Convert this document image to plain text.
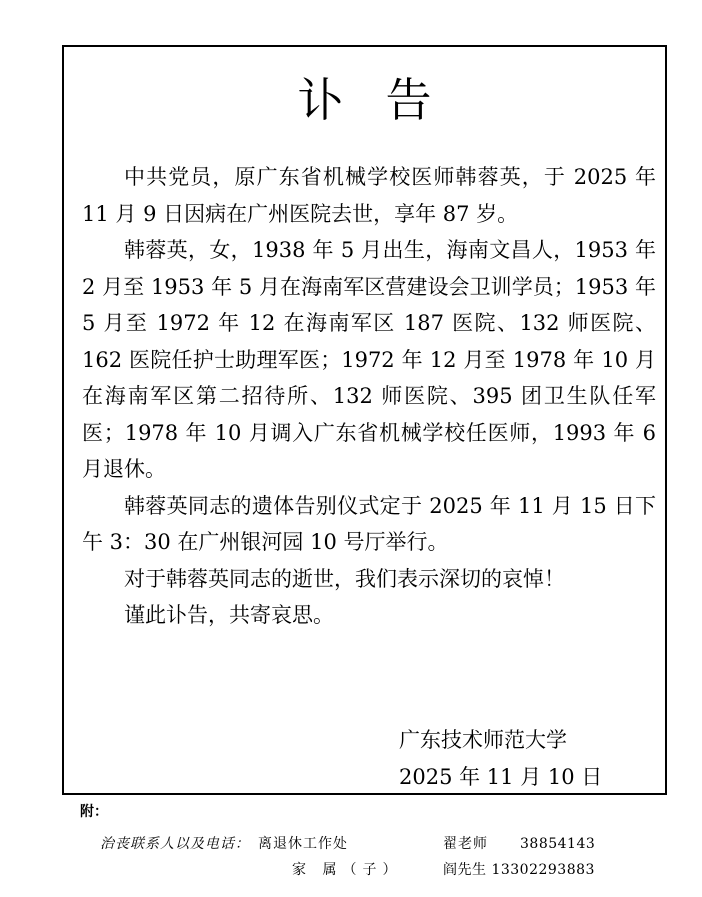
讣告

中共党员，原广东省机械学校医师韩蓉英，于 2025 年 11 月 9 日因病在广州医院去世，享年 87 岁。

韩蓉英，女，1938 年 5 月出生，海南文昌人，1953 年 2 月至 1953 年 5 月在海南军区营建设会卫训学员；1953 年 5 月至 1972 年 12 在海南军区 187 医院、132 师医院、162 医院任护士助理军医；1972 年 12 月至 1978 年 10 月在海南军区第二招待所、132 师医院、395 团卫生队任军医；1978 年 10 月调入广东省机械学校任医师，1993 年 6 月退休。

韩蓉英同志的遗体告别仪式定于 2025 年 11 月 15 日下午 3：30 在广州银河园 10 号厅举行。

对于韩蓉英同志的逝世，我们表示深切的哀悼！

谨此讣告，共寄哀思。

广东技术师范大学
2025 年 11 月 10 日
附：
治丧联系人以及电话： 离退休工作处	翟老师 38854143
家 属（子）	阎先生 13302293883
